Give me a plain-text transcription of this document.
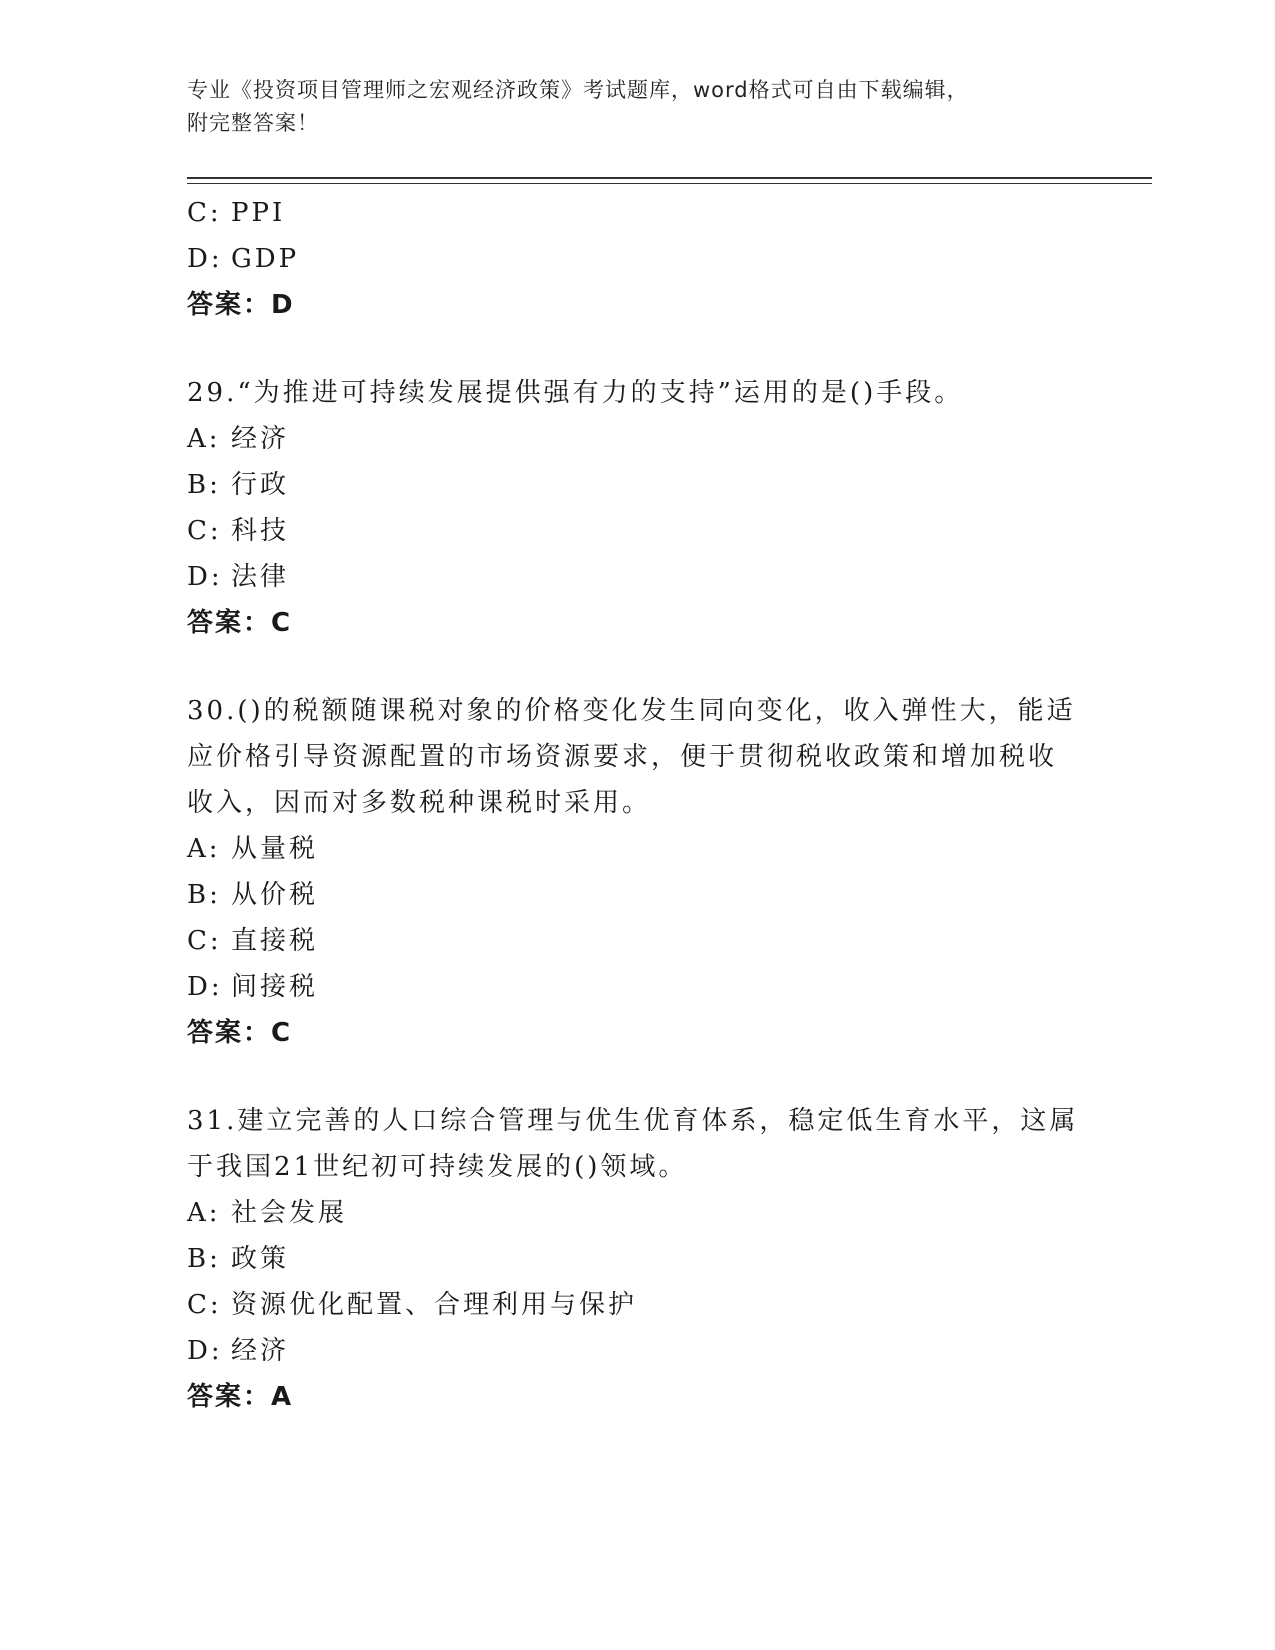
专业《投资项目管理师之宏观经济政策》考试题库，word格式可自由下载编辑，
附完整答案！
C: PPI
D: GDP
答案：D
29.“为推进可持续发展提供强有力的支持”运用的是()手段。
A: 经济
B: 行政
C: 科技
D: 法律
答案：C
30.()的税额随课税对象的价格变化发生同向变化，收入弹性大，能适
应价格引导资源配置的市场资源要求，便于贯彻税收政策和增加税收
收入，因而对多数税种课税时采用。
A: 从量税
B: 从价税
C: 直接税
D: 间接税
答案：C
31.建立完善的人口综合管理与优生优育体系，稳定低生育水平，这属
于我国21世纪初可持续发展的()领域。
A: 社会发展
B: 政策
C: 资源优化配置、合理利用与保护
D: 经济
答案：A
